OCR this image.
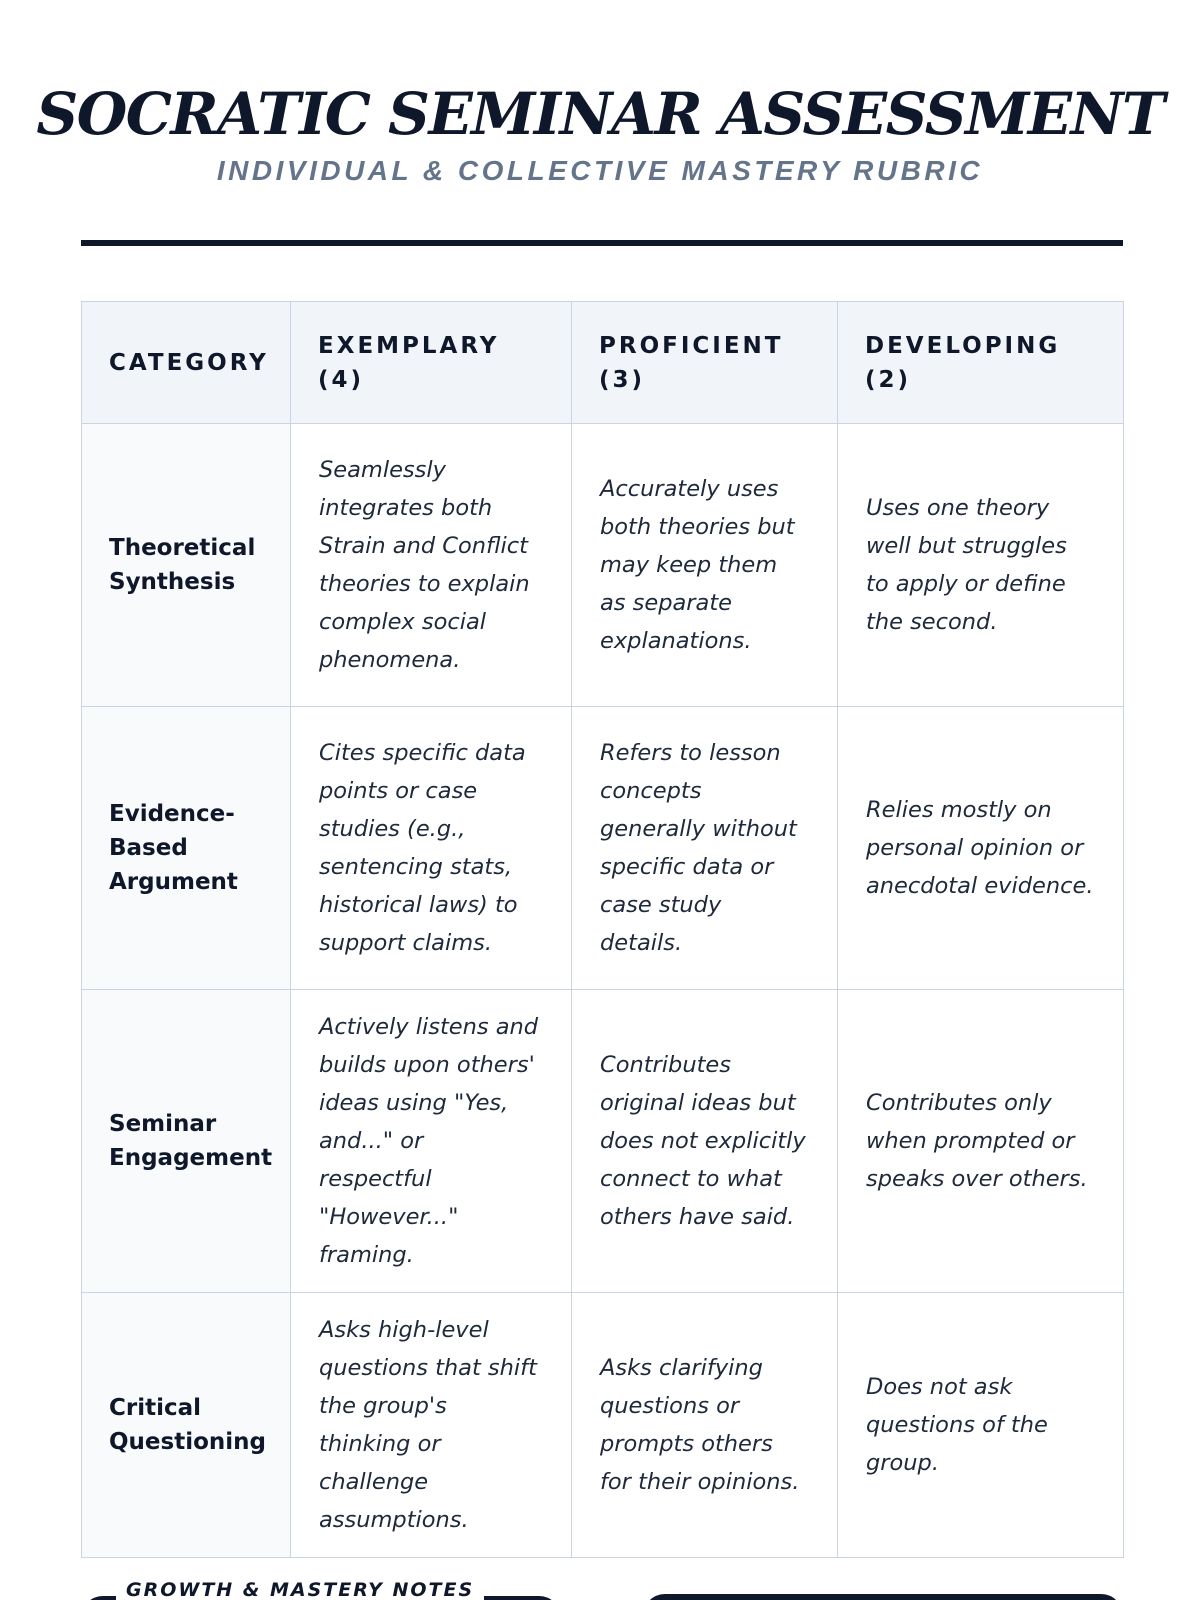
SOCRATIC SEMINAR ASSESSMENT
INDIVIDUAL & COLLECTIVE MASTERY RUBRIC
CATEGORY	EXEMPLARY (4)	PROFICIENT (3)	DEVELOPING (2)
Theoretical Synthesis	Seamlessly integrates both Strain and Conflict theories to explain complex social phenomena.	Accurately uses both theories but may keep them as separate explanations.	Uses one theory well but struggles to apply or define the second.
Evidence-Based Argument	Cites specific data points or case studies (e.g., sentencing stats, historical laws) to support claims.	Refers to lesson concepts generally without specific data or case study details.	Relies mostly on personal opinion or anecdotal evidence.
Seminar Engagement	Actively listens and builds upon others' ideas using "Yes, and..." or respectful "However..." framing.	Contributes original ideas but does not explicitly connect to what others have said.	Contributes only when prompted or speaks over others.
Critical Questioning	Asks high-level questions that shift the group's thinking or challenge assumptions.	Asks clarifying questions or prompts others for their opinions.	Does not ask questions of the group.
GROWTH & MASTERY NOTES
